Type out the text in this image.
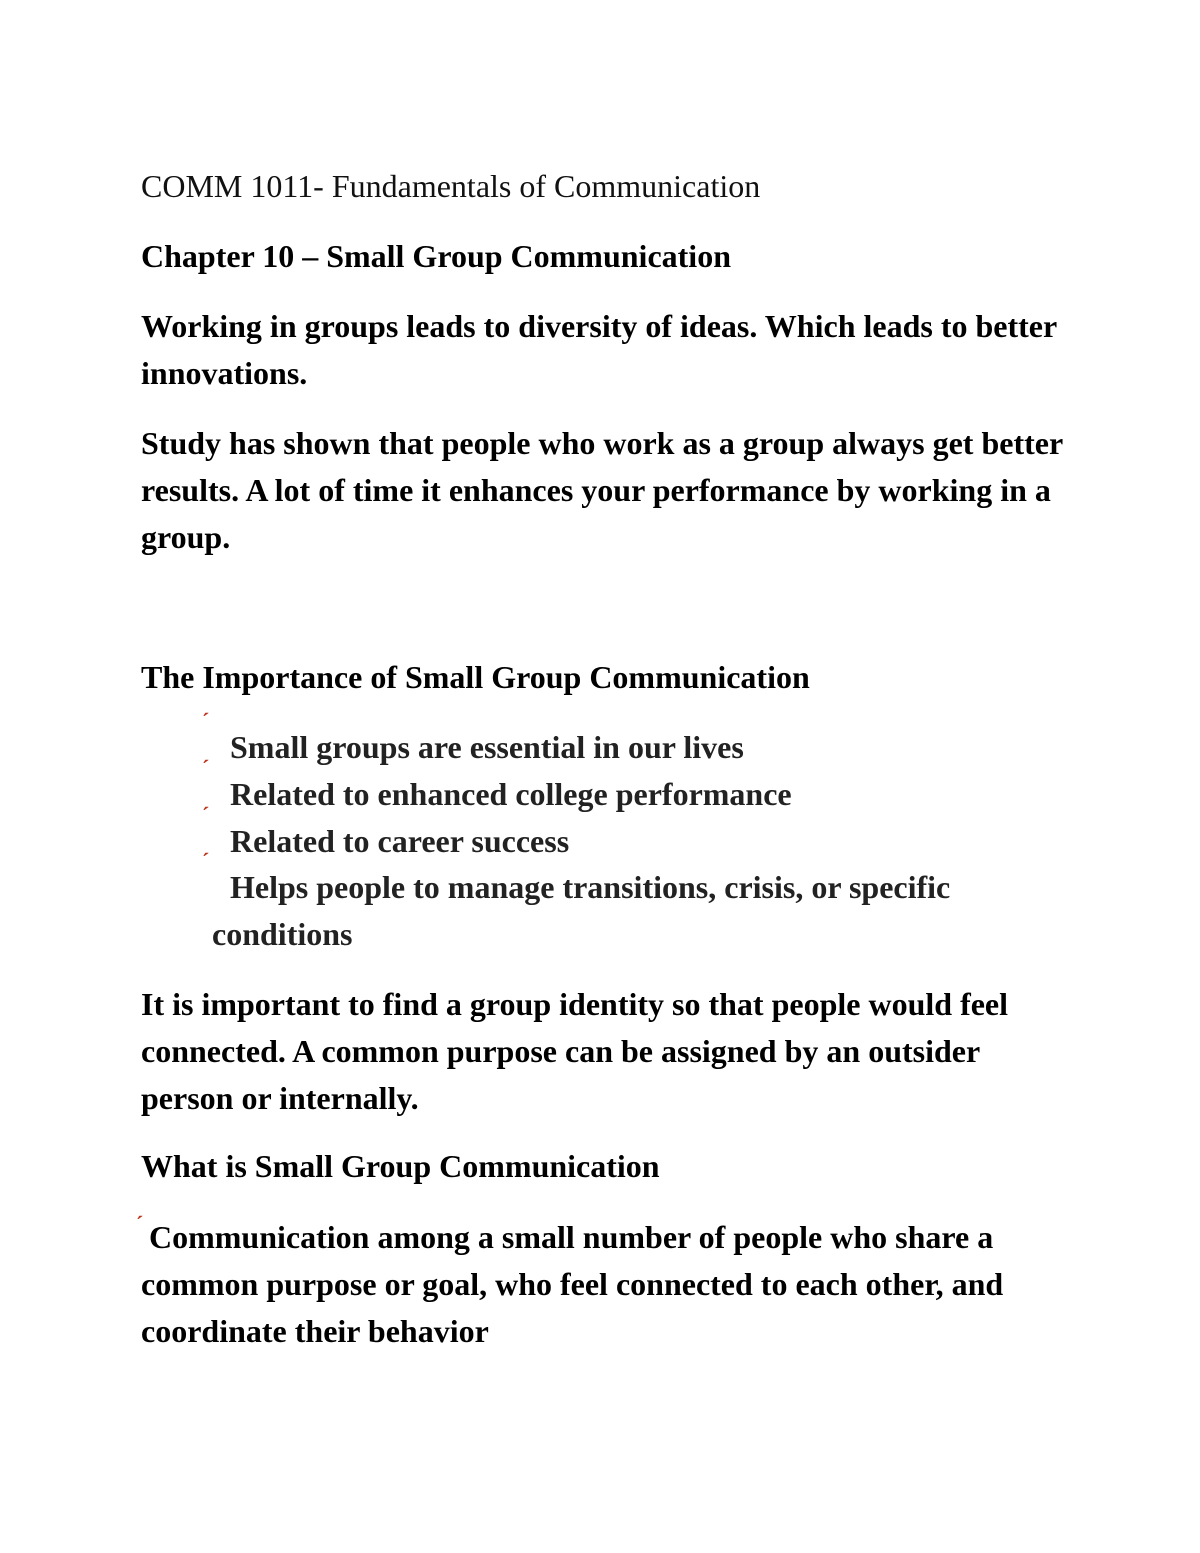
COMM 1011- Fundamentals of Communication

Chapter 10 – Small Group Communication

Working in groups leads to diversity of ideas. Which leads to better innovations.

Study has shown that people who work as a group always get better results. A lot of time it enhances your performance by working in a group.

The Importance of Small Group Communication

´
Small groups are essential in our lives
´
Related to enhanced college performance
´
Related to career success
´
Helps people to manage transitions, crisis, or specific
conditions

It is important to find a group identity so that people would feel connected. A common purpose can be assigned by an outsider person or internally.

What is Small Group Communication

´ Communication among a small number of people who share a common purpose or goal, who feel connected to each other, and coordinate their behavior
